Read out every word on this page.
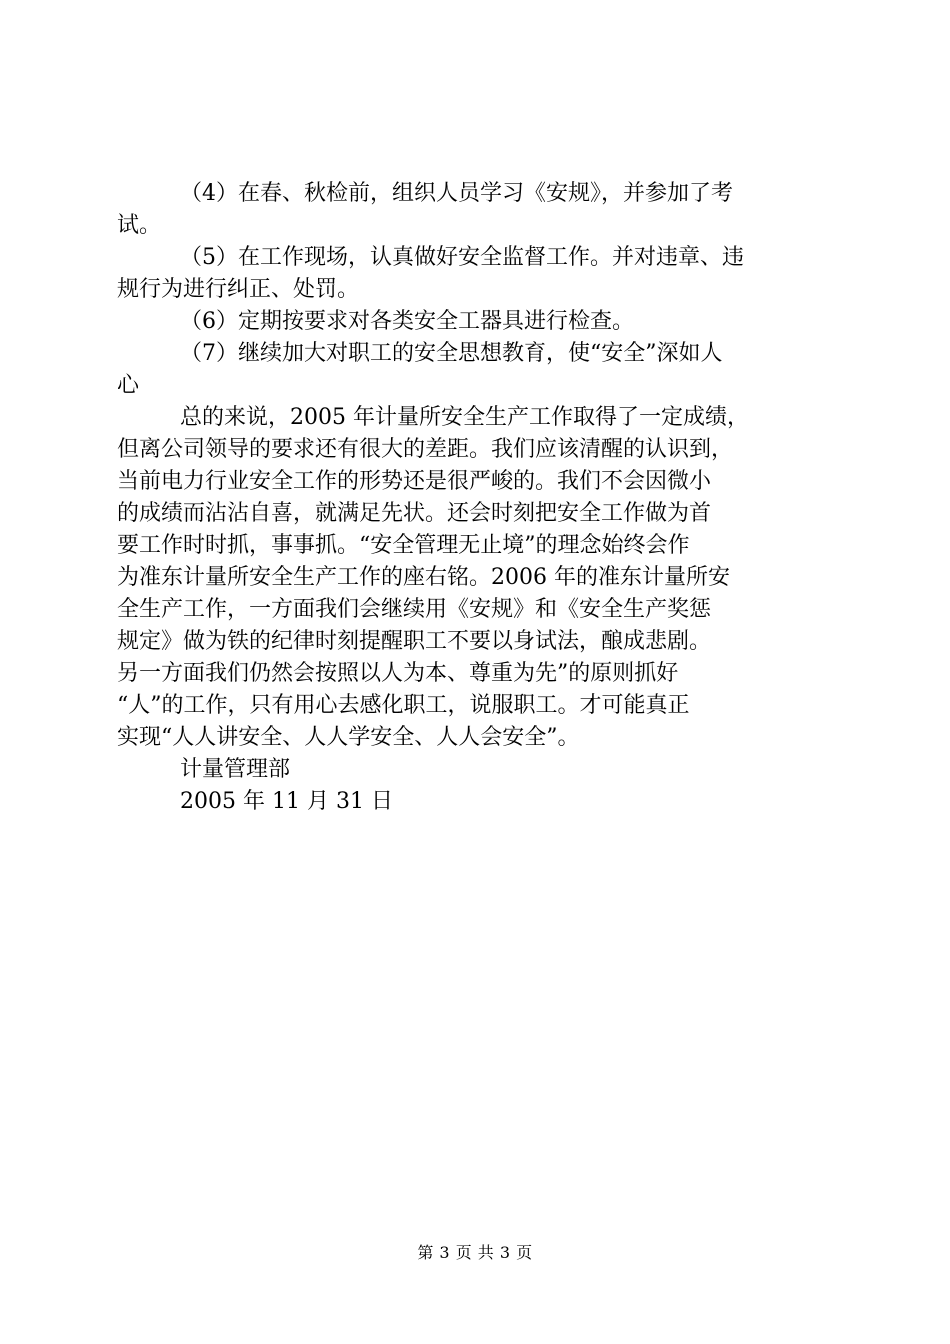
（4）在春、秋检前，组织人员学习《安规》，并参加了考
试。
（5）在工作现场，认真做好安全监督工作。并对违章、违
规行为进行纠正、处罚。
（6）定期按要求对各类安全工器具进行检查。
（7）继续加大对职工的安全思想教育，使“安全”深如人
心
总的来说，2005 年计量所安全生产工作取得了一定成绩，
但离公司领导的要求还有很大的差距。我们应该清醒的认识到，
当前电力行业安全工作的形势还是很严峻的。我们不会因微小
的成绩而沾沾自喜，就满足先状。还会时刻把安全工作做为首
要工作时时抓，事事抓。“安全管理无止境”的理念始终会作
为准东计量所安全生产工作的座右铭。2006 年的准东计量所安
全生产工作，一方面我们会继续用《安规》和《安全生产奖惩
规定》做为铁的纪律时刻提醒职工不要以身试法，酿成悲剧。
另一方面我们仍然会按照以人为本、尊重为先”的原则抓好
“人”的工作，只有用心去感化职工，说服职工。才可能真正
实现“人人讲安全、人人学安全、人人会安全”。
计量管理部
2005 年 11 月 31 日
第 3 页 共 3 页
